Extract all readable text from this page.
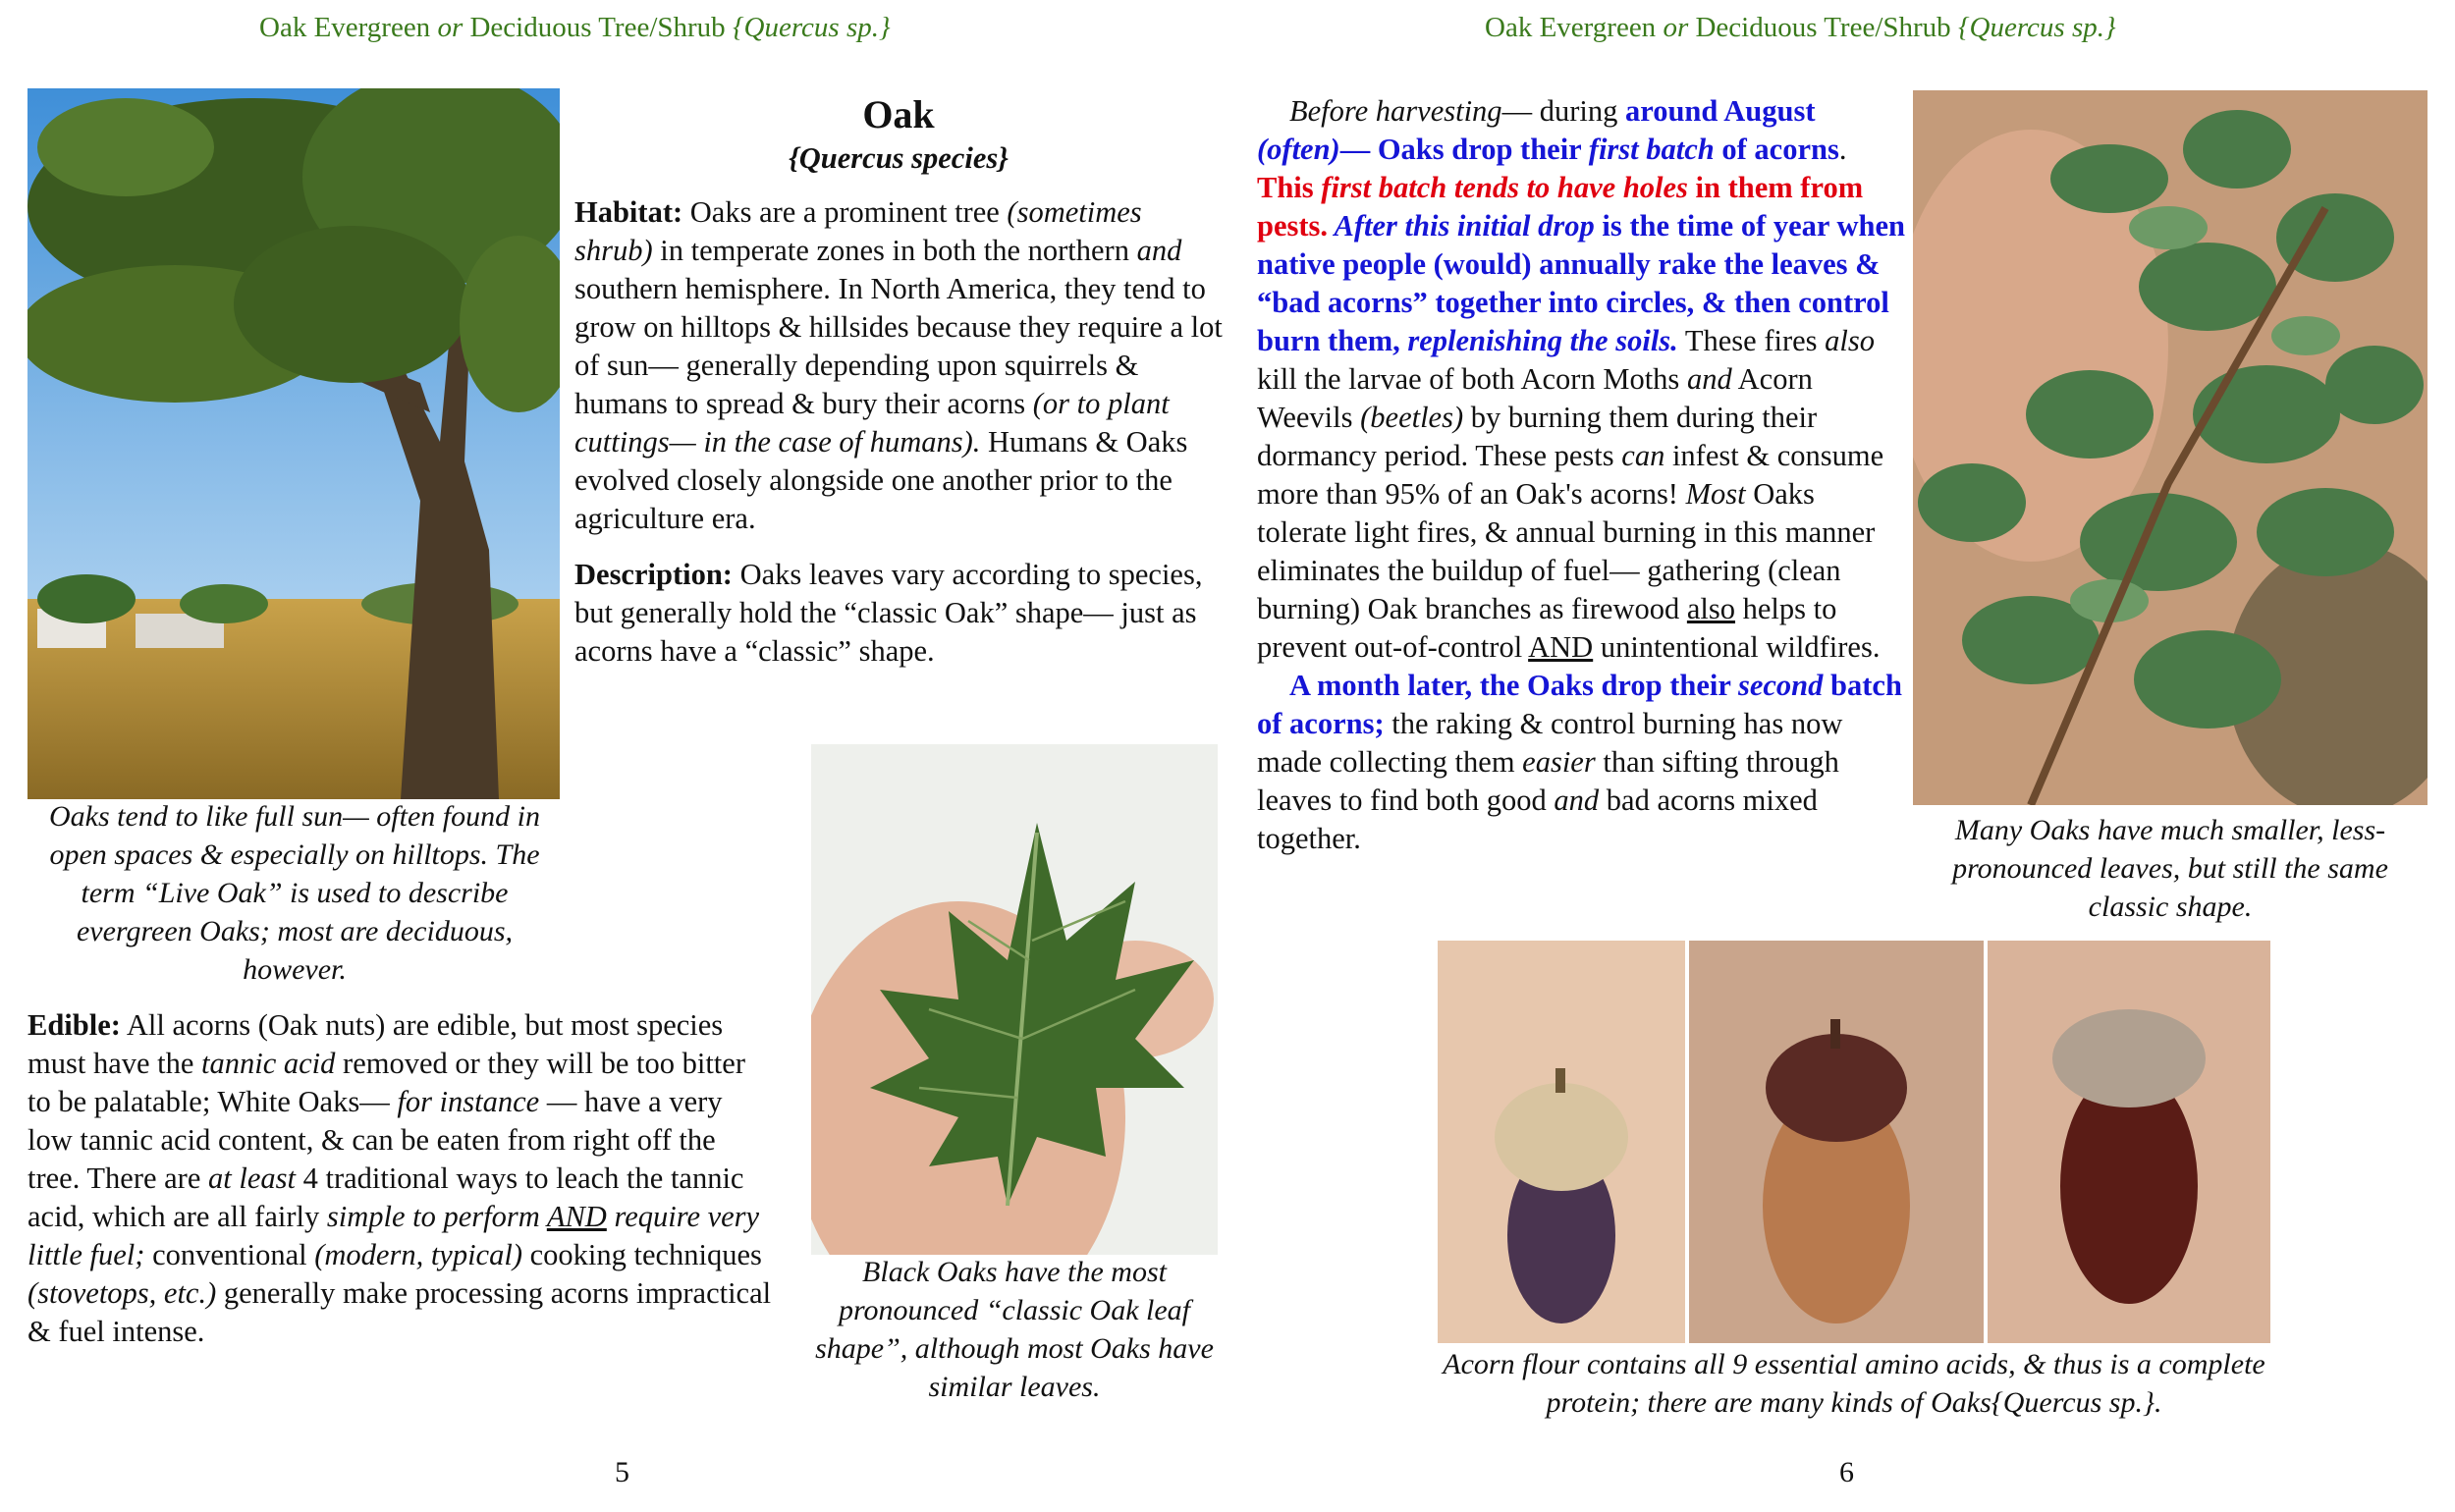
Oak Evergreen or Deciduous Tree/Shrub {Quercus sp.}
Oaks tend to like full sun— often found in open spaces & especially on hilltops. The term “Live Oak” is used to describe evergreen Oaks; most are deciduous, however.
Oak
{Quercus species}

Habitat: Oaks are a prominent tree (sometimes shrub) in temperate zones in both the northern and southern hemisphere. In North America, they tend to grow on hilltops & hillsides because they require a lot of sun— generally depending upon squirrels & humans to spread & bury their acorns (or to plant cuttings— in the case of humans). Humans & Oaks evolved closely alongside one another prior to the agriculture era.

Description: Oaks leaves vary according to species, but generally hold the “classic Oak” shape— just as acorns have a “classic” shape.

Edible: All acorns (Oak nuts) are edible, but most species must have the tannic acid removed or they will be too bitter to be palatable; White Oaks— for instance — have a very low tannic acid content, & can be eaten from right off the tree. There are at least 4 traditional ways to leach the tannic acid, which are all fairly simple to perform AND require very little fuel; conventional (modern, typical) cooking techniques (stovetops, etc.) generally make processing acorns impractical & fuel intense.

Black Oaks have the most pronounced “classic Oak leaf shape”, although most Oaks have similar leaves.
5
Oak Evergreen or Deciduous Tree/Shrub {Quercus sp.}

Before harvesting— during around August (often)— Oaks drop their first batch of acorns. This first batch tends to have holes in them from pests. After this initial drop is the time of year when native people (would) annually rake the leaves & “bad acorns” together into circles, & then control burn them, replenishing the soils. These fires also kill the larvae of both Acorn Moths and Acorn Weevils (beetles) by burning them during their dormancy period. These pests can infest & consume more than 95% of an Oak's acorns! Most Oaks tolerate light fires, & annual burning in this manner eliminates the buildup of fuel— gathering (clean burning) Oak branches as firewood also helps to prevent out-of-control AND unintentional wildfires.

A month later, the Oaks drop their second batch of acorns; the raking & control burning has now made collecting them easier than sifting through leaves to find both good and bad acorns mixed together.	Many Oaks have much smaller, less-pronounced leaves, but still the same classic shape.
Acorn flour contains all 9 essential amino acids, & thus is a complete protein; there are many kinds of Oaks{Quercus sp.}.
6
